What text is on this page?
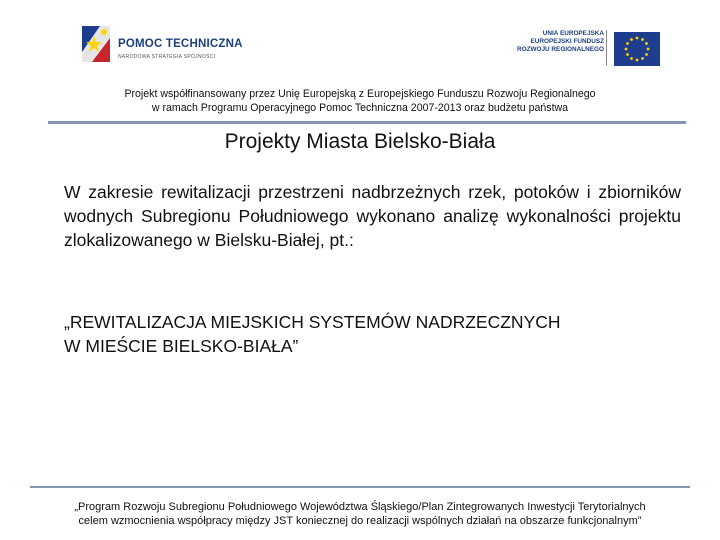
POMOC TECHNICZNA
NARODOWA STRATEGIA SPÓJNOŚCI
UNIA EUROPEJSKA
EUROPEJSKI FUNDUSZ
ROZWOJU REGIONALNEGO
Projekt współfinansowany przez Unię Europejską z Europejskiego Funduszu Rozwoju Regionalnego
w ramach Programu Operacyjnego Pomoc Techniczna 2007-2013 oraz budżetu państwa
Projekty Miasta Bielsko-Biała
W zakresie rewitalizacji przestrzeni nadbrzeżnych rzek, potoków i zbiorników wodnych Subregionu Południowego wykonano analizę wykonalności projektu zlokalizowanego w Bielsku-Białej, pt.:
„REWITALIZACJA MIEJSKICH SYSTEMÓW NADRZECZNYCH
W MIEŚCIE BIELSKO-BIAŁA”
„Program Rozwoju Subregionu Południowego Województwa Śląskiego/Plan Zintegrowanych Inwestycji Terytorialnych
celem wzmocnienia współpracy między JST koniecznej do realizacji wspólnych działań na obszarze funkcjonalnym”
